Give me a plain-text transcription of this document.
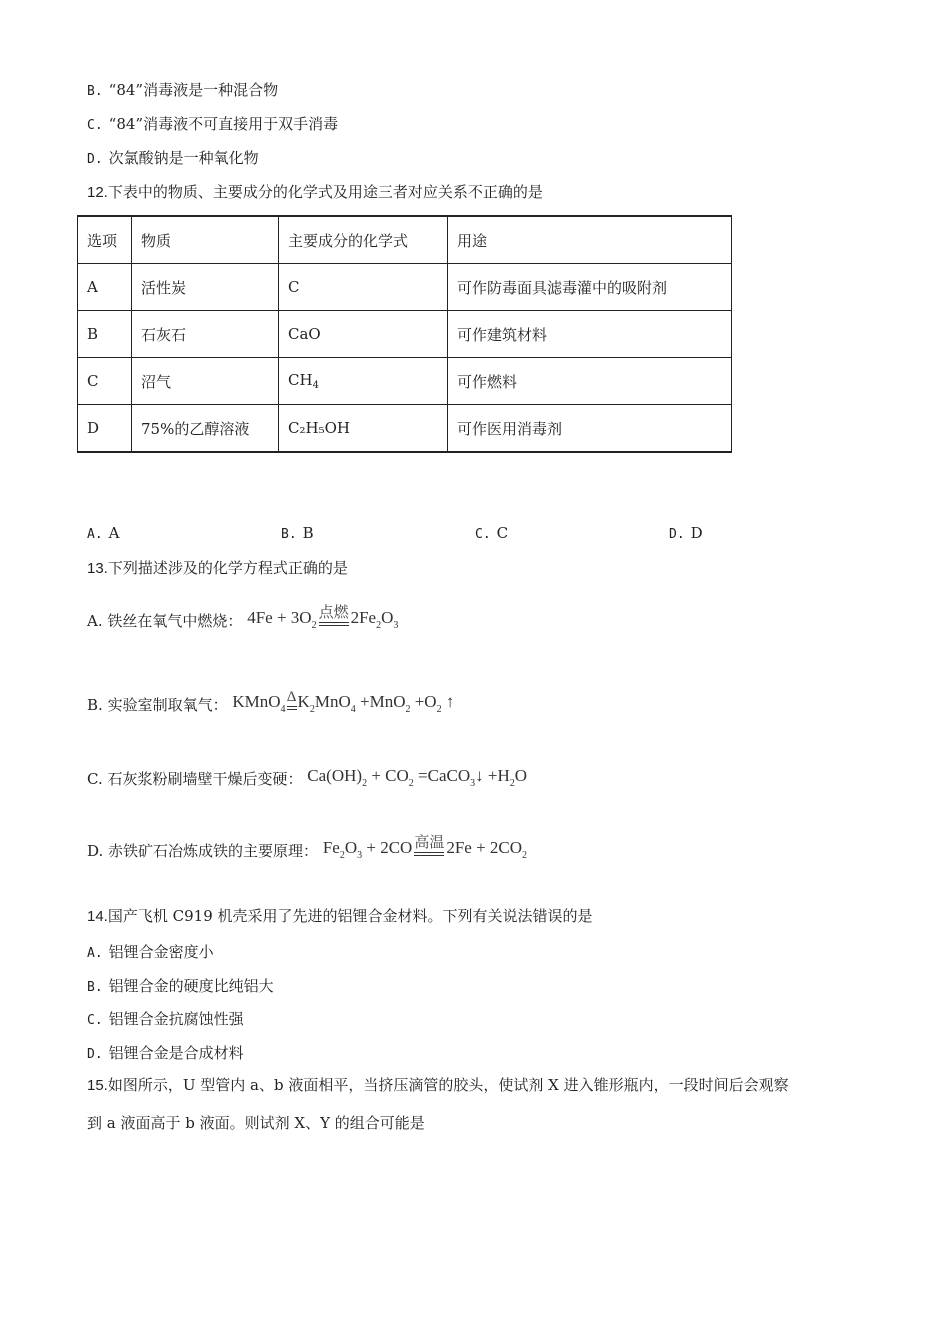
B. “84”消毒液是一种混合物
C. “84”消毒液不可直接用于双手消毒
D. 次氯酸钠是一种氧化物
12.下表中的物质、主要成分的化学式及用途三者对应关系不正确的是
选项	物质	主要成分的化学式	用途
A	活性炭	C	可作防毒面具滤毒灌中的吸附剂
B	石灰石	CaO	可作建筑材料
C	沼气	$CH_4$	可作燃料
D	75%的乙醇溶液	C₂H₅OH	可作医用消毒剂
A. A	B. B	C. C	D. D
13.下列描述涉及的化学方程式正确的是
A. 铁丝在氧气中燃烧： $4Fe + 3O_2$
点燃 $2Fe_2O_3$
B. 实验室制取氧气： KMnO$_4$
Δ $K_2MnO_4 +MnO_2 +O_2$ ↑
C. 石灰浆粉刷墙壁干燥后变硬： $Ca(OH)_2 + CO_2$ =CaCO$_3$↓ $+H_2O$
D. 赤铁矿石冶炼成铁的主要原理： $Fe_2O_3 + 2CO$ 高温 $2Fe + 2CO_2$
14.国产飞机 C919 机壳采用了先进的铝锂合金材料。下列有关说法错误的是
A. 铝锂合金密度小
B. 铝锂合金的硬度比纯铝大
C. 铝锂合金抗腐蚀性强
D. 铝锂合金是合成材料
15.如图所示，U 型管内 a、b 液面相平，当挤压滴管的胶头，使试剂 X 进入锥形瓶内，一段时间后会观察
到 a 液面高于 b 液面。则试剂 X、Y 的组合可能是
